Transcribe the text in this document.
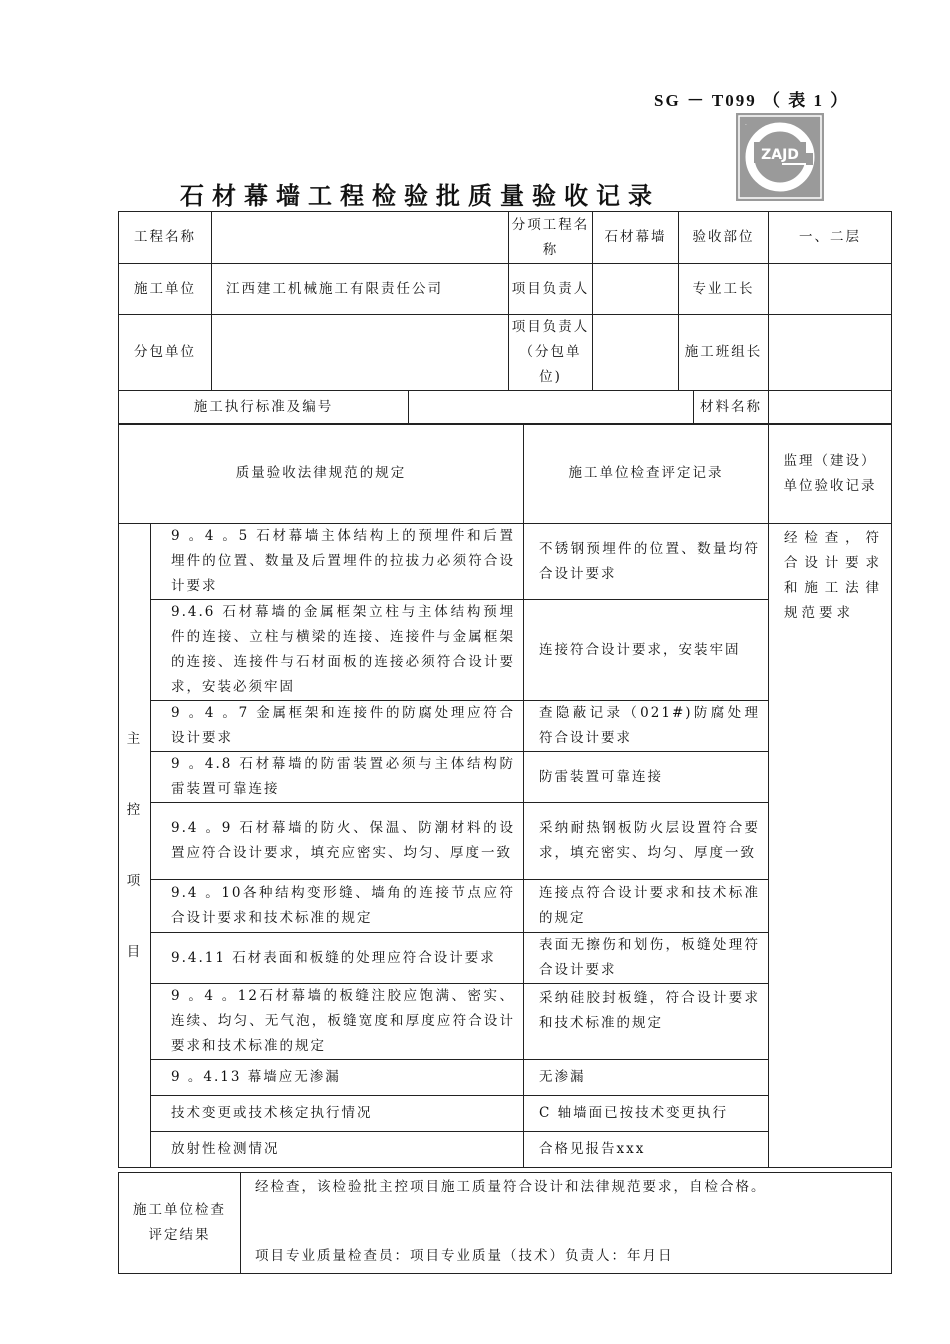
SG － T099 （ 表 1 ）
ZAJD
·
石材幕墙工程检验批质量验收记录
工程名称			分项工程名称	石材幕墙	验收部位		一、二层
施工单位	江西建工机械施工有限责任公司		项目负责人		专业工长		
分包单位			项目负责人（分包单位)		施工班组长		
施工执行标准及编号						材料名称	
质量验收法律规范的规定		施工单位检查评定记录	监理（建设）单位验收记录

主
控
项
目	9 。4 。5 石材幕墙主体结构上的预埋件和后置埋件的位置、数量及后置埋件的拉拔力必须符合设计要求	不锈钢预埋件的位置、数量均符合设计要求	经检查，符合设计要求和施工法律规范要求
	9.4.6 石材幕墙的金属框架立柱与主体结构预埋件的连接、立柱与横梁的连接、连接件与金属框架的连接、连接件与石材面板的连接必须符合设计要求，安装必须牢固	连接符合设计要求，安装牢固	
	9 。4 。7 金属框架和连接件的防腐处理应符合设计要求	查隐蔽记录（021#)防腐处理符合设计要求	
	9 。4.8 石材幕墙的防雷装置必须与主体结构防雷装置可靠连接	防雷装置可靠连接	
	9.4 。9 石材幕墙的防火、保温、防潮材料的设置应符合设计要求，填充应密实、均匀、厚度一致	采纳耐热钢板防火层设置符合要求，填充密实、均匀、厚度一致	
	9.4 。10各种结构变形缝、墙角的连接节点应符合设计要求和技术标准的规定	连接点符合设计要求和技术标准的规定	
	9.4.11 石材表面和板缝的处理应符合设计要求	表面无擦伤和划伤，板缝处理符合设计要求	
	9 。4 。12石材幕墙的板缝注胶应饱满、密实、连续、均匀、无气泡，板缝宽度和厚度应符合设计要求和技术标准的规定	采纳硅胶封板缝，符合设计要求和技术标准的规定	
	9 。4.13 幕墙应无渗漏	无渗漏	
	技术变更或技术核定执行情况	C 轴墙面已按技术变更执行	
	放射性检测情况	合格见报告xxx	
施工单位检查评定结果	
经检查，该检验批主控项目施工质量符合设计和法律规范要求，自检合格。
项目专业质量检查员：项目专业质量（技术）负责人：年月日
